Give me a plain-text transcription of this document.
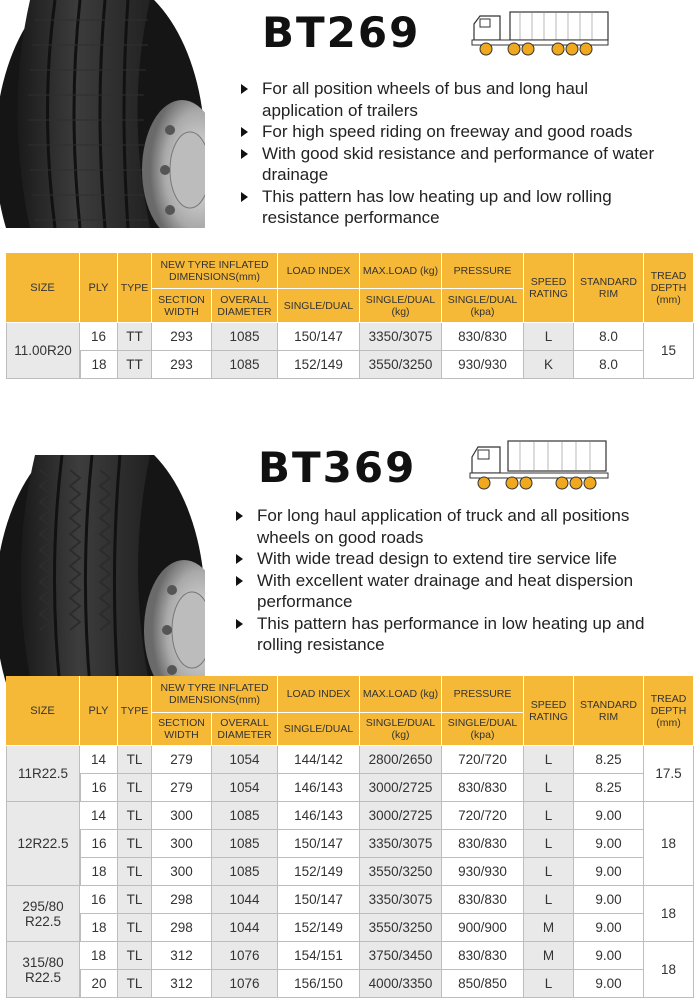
BT269
For all position wheels of bus and long haul application of trailers
For high speed riding on freeway and good roads
With good skid resistance and performance of water drainage
This pattern has low heating up and low rolling resistance performance
SIZE	PLY	TYPE	NEW TYRE INFLATED DIMENSIONS(mm)		LOAD INDEX	MAX.LOAD (kg)	PRESSURE	SPEED RATING	STANDARD RIM	TREAD DEPTH (mm)
			SECTION WIDTH	OVERALL DIAMETER	SINGLE/DUAL	SINGLE/DUAL (kg)	SINGLE/DUAL (kpa)			
11.00R20	16	TT	293	1085	150/147	3350/3075	830/830	L	8.0	15
	18	TT	293	1085	152/149	3550/3250	930/930	K	8.0	
BT369
For long haul application of truck and all positions wheels on good roads
With wide tread design to extend tire service life
With excellent water drainage and heat dispersion performance
This pattern has performance in low heating up and rolling resistance
SIZE	PLY	TYPE	NEW TYRE INFLATED DIMENSIONS(mm)		LOAD INDEX	MAX.LOAD (kg)	PRESSURE	SPEED RATING	STANDARD RIM	TREAD DEPTH (mm)
			SECTION WIDTH	OVERALL DIAMETER	SINGLE/DUAL	SINGLE/DUAL (kg)	SINGLE/DUAL (kpa)			
11R22.5	14	TL	279	1054	144/142	2800/2650	720/720	L	8.25	17.5
	16	TL	279	1054	146/143	3000/2725	830/830	L	8.25	
12R22.5	14	TL	300	1085	146/143	3000/2725	720/720	L	9.00	18
	16	TL	300	1085	150/147	3350/3075	830/830	L	9.00	
	18	TL	300	1085	152/149	3550/3250	930/930	L	9.00	
295/80 R22.5	16	TL	298	1044	150/147	3350/3075	830/830	L	9.00	18
	18	TL	298	1044	152/149	3550/3250	900/900	M	9.00	
315/80 R22.5	18	TL	312	1076	154/151	3750/3450	830/830	M	9.00	18
	20	TL	312	1076	156/150	4000/3350	850/850	L	9.00	
